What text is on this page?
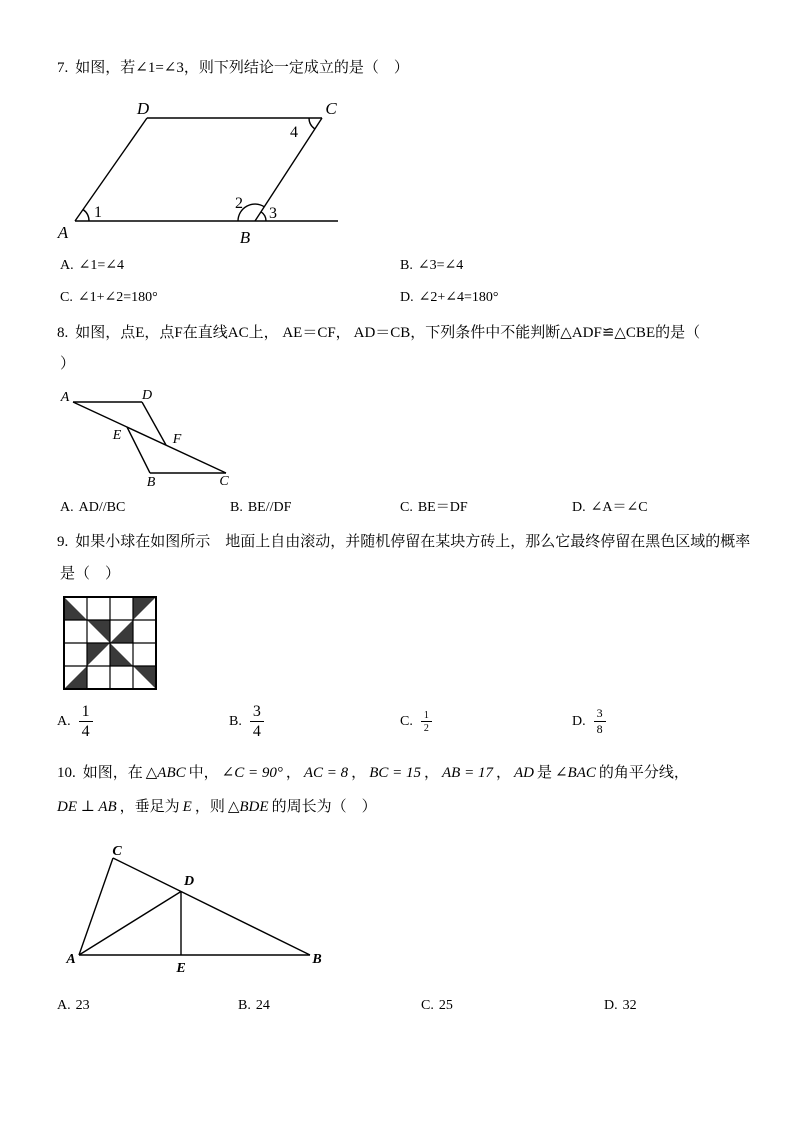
7. 如图，若∠1=∠3，则下列结论一定成立的是（　）
D	C
A	B
1
2
3
4
A. ∠1=∠4	B. ∠3=∠4
C. ∠1+∠2=180°	D. ∠2+∠4=180°
8. 如图，点E，点F在直线AC上， AE＝CF， AD＝CB，下列条件中不能判断△ADF≌△CBE的是（
）
A	D
E	F
B	C
A. AD//BC	B. BE//DF	C. BE＝DF	D. ∠A＝∠C
9. 如果小球在如图所示　地面上自由滚动，并随机停留在某块方砖上，那么它最终停留在黑色区域的概率
是（　）
A. $\frac{1}{4}$	B. $\frac{3}{4}$	C. $\frac{1}{2}$	D. $\frac{3}{8}$
10. 如图，在 △ABC 中， ∠C = 90° ， AC = 8 ， BC = 15 ， AB = 17 ， AD 是 ∠BAC 的角平分线，
DE ⊥ AB ，垂足为 E ，则 △BDE 的周长为（　）
C
D
A
E
B
A. 23	B. 24	C. 25	D. 32
